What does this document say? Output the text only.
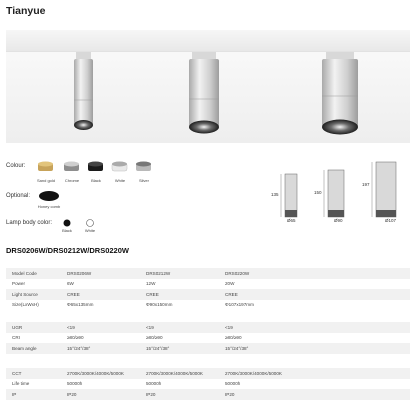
Tianyue
Colour:
Sand gold	Chrome	Black	White	Silver
Optional:
Honey comb
Lamp body color:
Black	White
135
Ø65
150
Ø90
197
Ø107
DRS0206W/DRS0212W/DRS0220W
Model Code	DRS0206W	DRS0212W	DRS0220W
Power	6W	12W	20W
Light Source	CREE	CREE	CREE
Size(LxWxH)	Φ65x135mm	Φ90x150mm	Φ107x197mm
UGR	<19	<19	<19
CRI	≥80/≥90	≥80/≥90	≥80/≥90
Beam angle	15°/24°/38°	15°/24°/38°	15°/24°/38°
CCT	2700K/3000K/4000K/5000K	2700K/3000K/4000K/5000K	2700K/3000K/4000K/5000K
Life time	50000h	50000h	50000h
IP	IP20	IP20	IP20
